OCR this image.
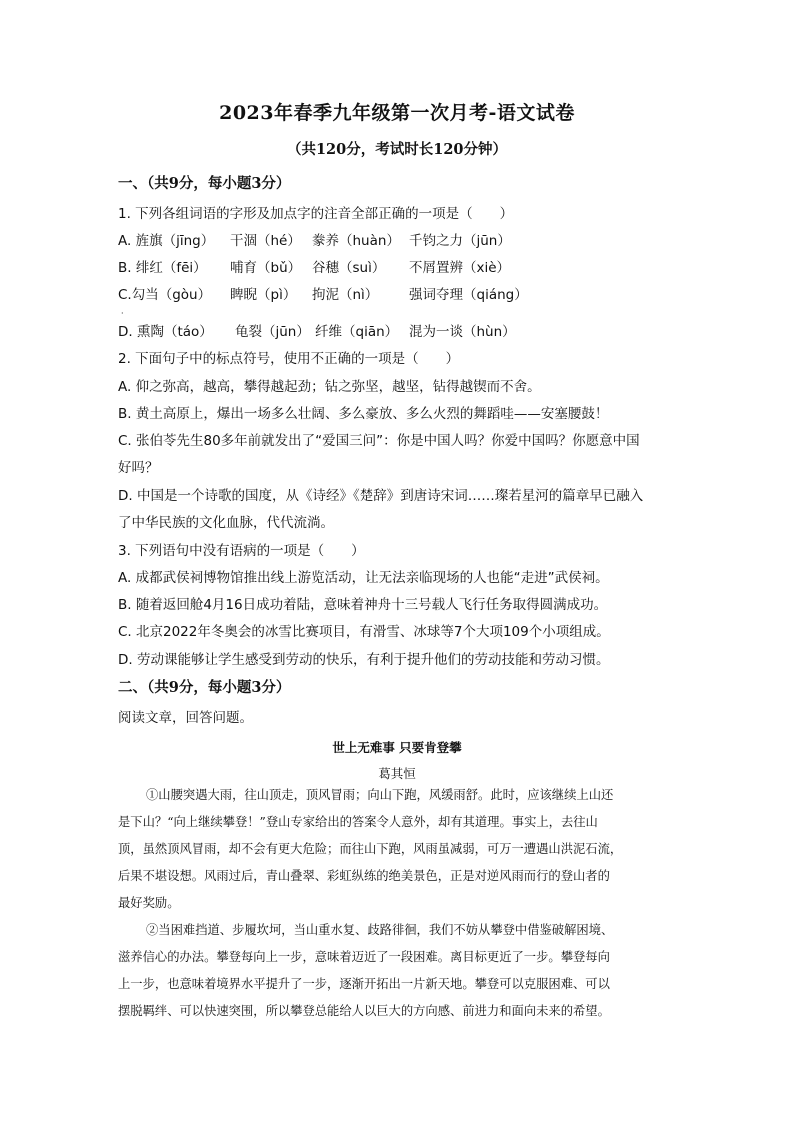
2023年春季九年级第一次月考-语文试卷
（共120分，考试时长120分钟）
一、（共9分，每小题3分）
1. 下列各组词语的字形及加点字的注音全部正确的一项是（　　）
A. 旌旗（jīng）	干涸（hé） 豢养（huàn） 千钧之力（jūn）
B. 绯红（fēi）	哺育（bǔ） 谷穗（suì）	不屑置辨（xiè）
C.勾当（gòu）	睥睨（pì）	拘泥（nì）	强词夺理（qiáng）
·
D. 熏陶（táo）	龟裂（jūn） 纤维（qiān） 混为一谈（hùn）
2. 下面句子中的标点符号，使用不正确的一项是（　　）
A. 仰之弥高，越高，攀得越起劲；钻之弥坚，越坚，钻得越锲而不舍。
B. 黄土高原上，爆出一场多么壮阔、多么豪放、多么火烈的舞蹈哇——安塞腰鼓！
C. 张伯苓先生80多年前就发出了“爱国三问”：你是中国人吗？你爱中国吗？你愿意中国
好吗？
D. 中国是一个诗歌的国度，从《诗经》《楚辞》到唐诗宋词……璨若星河的篇章早已融入
了中华民族的文化血脉，代代流淌。
3. 下列语句中没有语病的一项是（　　）
A. 成都武侯祠博物馆推出线上游览活动，让无法亲临现场的人也能“走进”武侯祠。
B. 随着返回舱4月16日成功着陆，意味着神舟十三号载人飞行任务取得圆满成功。
C. 北京2022年冬奥会的冰雪比赛项目，有滑雪、冰球等7个大项109个小项组成。
D. 劳动课能够让学生感受到劳动的快乐，有利于提升他们的劳动技能和劳动习惯。
二、（共9分，每小题3分）
阅读文章，回答问题。
世上无难事 只要肯登攀
葛其恒
①山腰突遇大雨，往山顶走，顶风冒雨；向山下跑，风缓雨舒。此时，应该继续上山还
是下山？“向上继续攀登！”登山专家给出的答案令人意外，却有其道理。事实上，去往山
顶，虽然顶风冒雨，却不会有更大危险；而往山下跑，风雨虽减弱，可万一遭遇山洪泥石流，
后果不堪设想。风雨过后，青山叠翠、彩虹纵练的绝美景色，正是对逆风雨而行的登山者的
最好奖励。
②当困难挡道、步履坎坷，当山重水复、歧路徘徊，我们不妨从攀登中借鉴破解困境、
滋养信心的办法。攀登每向上一步，意味着迈近了一段困难。离目标更近了一步。攀登每向
上一步，也意味着境界水平提升了一步，逐渐开拓出一片新天地。攀登可以克服困难、可以
摆脱羁绊、可以快速突围，所以攀登总能给人以巨大的方向感、前进力和面向未来的希望。
